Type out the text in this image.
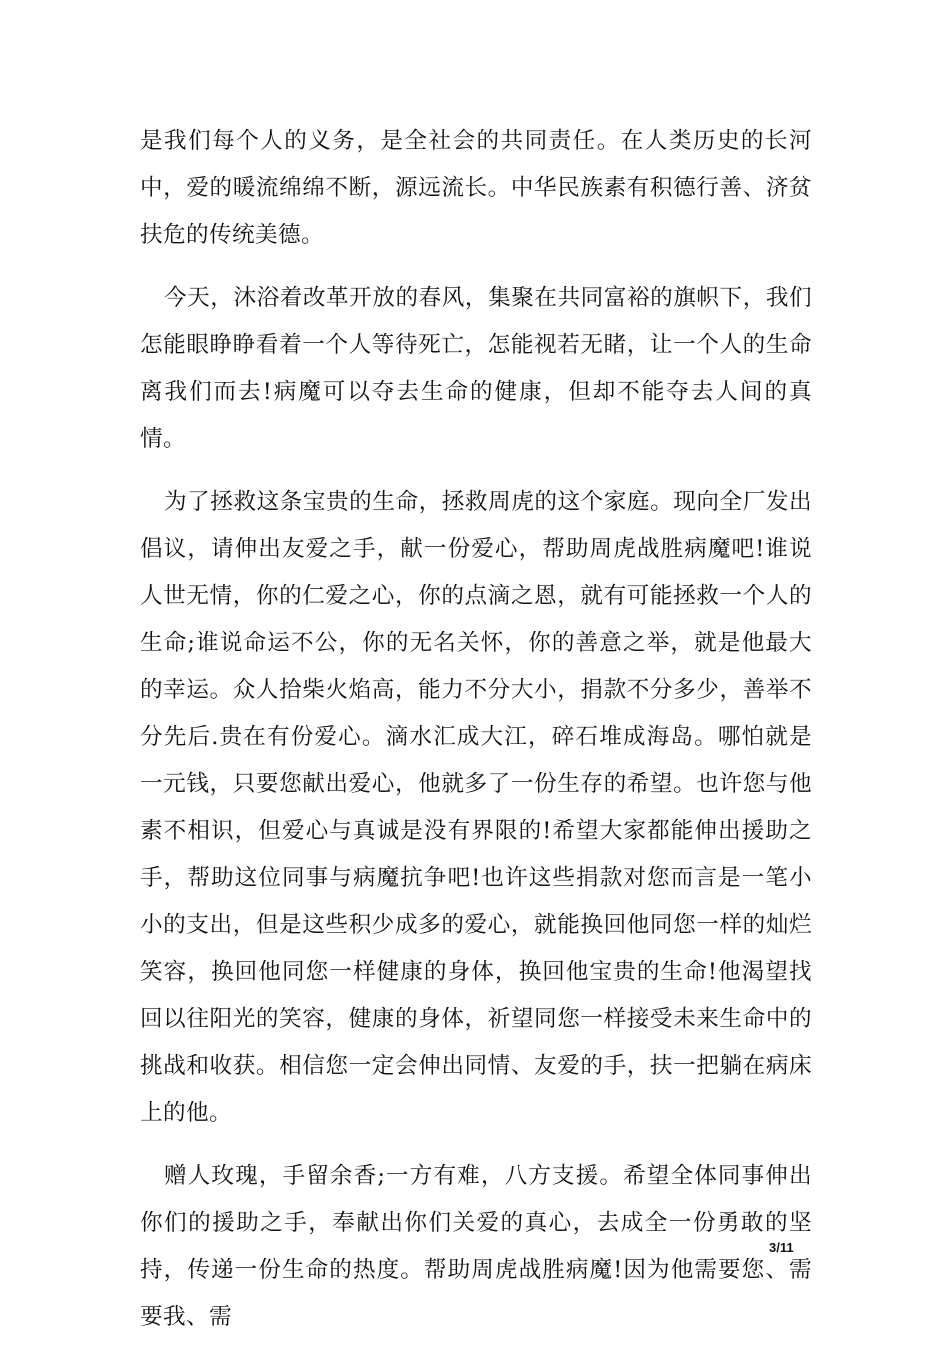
是我们每个人的义务，是全社会的共同责任。在人类历史的长河中，爱的暖流绵绵不断，源远流长。中华民族素有积德行善、济贫扶危的传统美德。

今天，沐浴着改革开放的春风，集聚在共同富裕的旗帜下，我们怎能眼睁睁看着一个人等待死亡，怎能视若无睹，让一个人的生命离我们而去!病魔可以夺去生命的健康，但却不能夺去人间的真情。

为了拯救这条宝贵的生命，拯救周虎的这个家庭。现向全厂发出倡议，请伸出友爱之手，献一份爱心，帮助周虎战胜病魔吧!谁说人世无情，你的仁爱之心，你的点滴之恩，就有可能拯救一个人的生命;谁说命运不公，你的无名关怀，你的善意之举，就是他最大的幸运。众人拾柴火焰高，能力不分大小，捐款不分多少，善举不分先后.贵在有份爱心。滴水汇成大江，碎石堆成海岛。哪怕就是一元钱，只要您献出爱心，他就多了一份生存的希望。也许您与他素不相识，但爱心与真诚是没有界限的!希望大家都能伸出援助之手，帮助这位同事与病魔抗争吧!也许这些捐款对您而言是一笔小小的支出，但是这些积少成多的爱心，就能换回他同您一样的灿烂笑容，换回他同您一样健康的身体，换回他宝贵的生命!他渴望找回以往阳光的笑容，健康的身体，祈望同您一样接受未来生命中的挑战和收获。相信您一定会伸出同情、友爱的手，扶一把躺在病床上的他。

赠人玫瑰，手留余香;一方有难，八方支援。希望全体同事伸出你们的援助之手，奉献出你们关爱的真心，去成全一份勇敢的坚持，传递一份生命的热度。帮助周虎战胜病魔!因为他需要您、需要我、需

3/11
